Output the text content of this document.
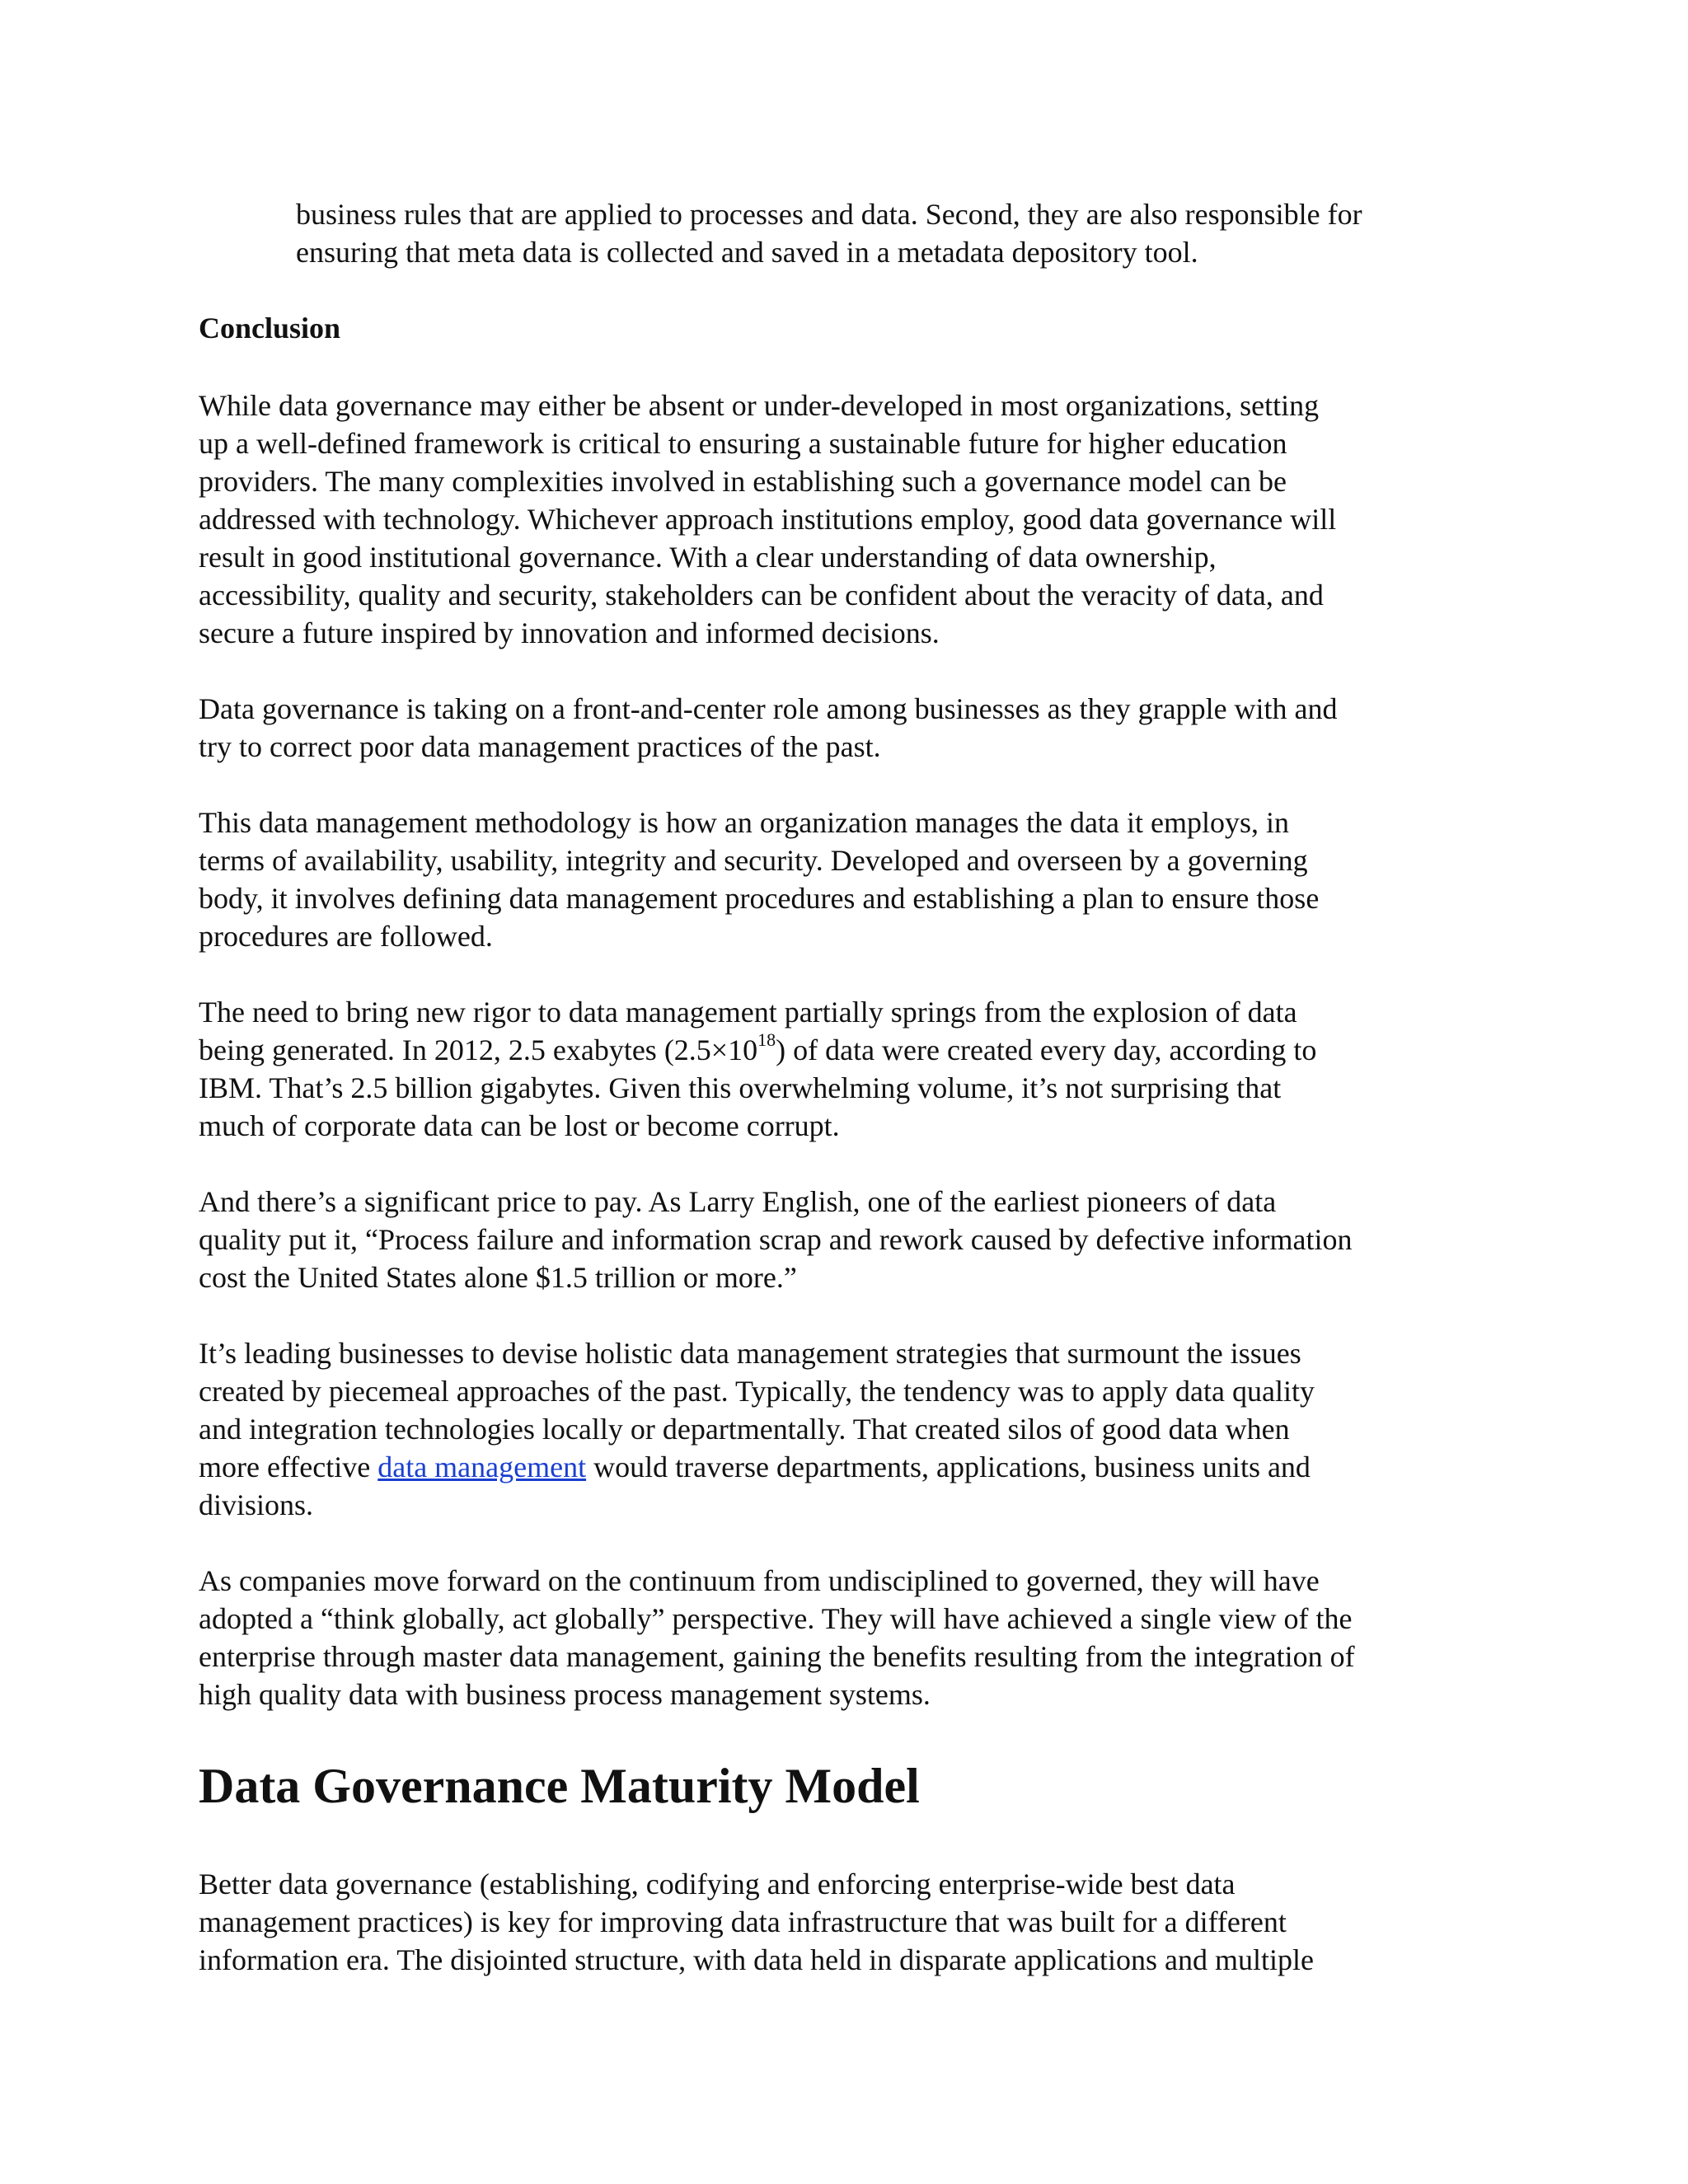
business rules that are applied to processes and data. Second, they are also responsible for
ensuring that meta data is collected and saved in a metadata depository tool.

Conclusion

While data governance may either be absent or under-developed in most organizations, setting
up a well-defined framework is critical to ensuring a sustainable future for higher education
providers. The many complexities involved in establishing such a governance model can be
addressed with technology. Whichever approach institutions employ, good data governance will
result in good institutional governance. With a clear understanding of data ownership,
accessibility, quality and security, stakeholders can be confident about the veracity of data, and
secure a future inspired by innovation and informed decisions.

Data governance is taking on a front-and-center role among businesses as they grapple with and
try to correct poor data management practices of the past.

This data management methodology is how an organization manages the data it employs, in
terms of availability, usability, integrity and security. Developed and overseen by a governing
body, it involves defining data management procedures and establishing a plan to ensure those
procedures are followed.

The need to bring new rigor to data management partially springs from the explosion of data
being generated. In 2012, 2.5 exabytes $(2.5\times 10^{18})$ of data were created every day, according to
IBM. That’s 2.5 billion gigabytes. Given this overwhelming volume, it’s not surprising that
much of corporate data can be lost or become corrupt.

And there’s a significant price to pay. As Larry English, one of the earliest pioneers of data
quality put it, “Process failure and information scrap and rework caused by defective information
cost the United States alone $1.5 trillion or more.”

It’s leading businesses to devise holistic data management strategies that surmount the issues
created by piecemeal approaches of the past. Typically, the tendency was to apply data quality
and integration technologies locally or departmentally. That created silos of good data when
more effective data management would traverse departments, applications, business units and
divisions.

As companies move forward on the continuum from undisciplined to governed, they will have
adopted a “think globally, act globally” perspective. They will have achieved a single view of the
enterprise through master data management, gaining the benefits resulting from the integration of
high quality data with business process management systems.

Data Governance Maturity Model

Better data governance (establishing, codifying and enforcing enterprise-wide best data
management practices) is key for improving data infrastructure that was built for a different
information era. The disjointed structure, with data held in disparate applications and multiple
